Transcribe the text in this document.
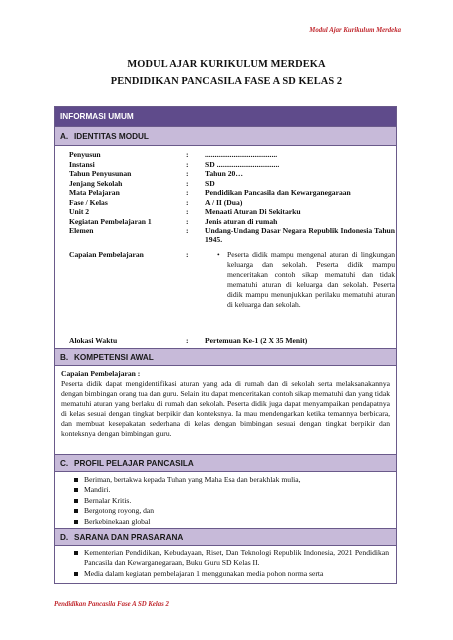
Modul Ajar Kurikulum Merdeka
MODUL AJAR KURIKULUM MERDEKA
PENDIDIKAN PANCASILA FASE A SD KELAS 2
INFORMASI UMUM
A. IDENTITAS MODUL
Penyusun	: ......................................
Instansi	: SD .................................
Tahun Penyusunan	: Tahun 20…
Jenjang Sekolah	: SD
Mata Pelajaran	: Pendidikan Pancasila dan Kewarganegaraan
Fase / Kelas	: A / II (Dua)
Unit 2	: Menaati Aturan Di Sekitarku
Kegiatan Pembelajaran 1	: Jenis aturan di rumah
Elemen	: Undang-Undang Dasar Negara Republik Indonesia Tahun 1945.
Capaian Pembelajaran	:	• Peserta didik mampu mengenal aturan di lingkungan keluarga dan sekolah. Peserta didik mampu menceritakan contoh sikap mematuhi dan tidak mematuhi aturan di keluarga dan sekolah. Peserta didik mampu menunjukkan perilaku mematuhi aturan di keluarga dan sekolah.
Alokasi Waktu	: Pertemuan Ke-1 (2 X 35 Menit)
B. KOMPETENSI AWAL
Capaian Pembelajaran :
Peserta didik dapat mengidentifikasi aturan yang ada di rumah dan di sekolah serta melaksanakannya dengan bimbingan orang tua dan guru. Selain itu dapat menceritakan contoh sikap mematuhi dan yang tidak mematuhi aturan yang berlaku di rumah dan sekolah. Peserta didik juga dapat menyampaikan pendapatnya di kelas sesuai dengan tingkat berpikir dan konteksnya. Ia mau mendengarkan ketika temannya berbicara, dan membuat kesepakatan sederhana di kelas dengan bimbingan sesuai dengan tingkat berpikir dan konteksnya dengan bimbingan guru.
C. PROFIL PELAJAR PANCASILA
Beriman, bertakwa kepada Tuhan yang Maha Esa dan berakhlak mulia,
Mandiri.
Bernalar Kritis.
Bergotong royong, dan
Berkebinekaan global
D. SARANA DAN PRASARANA
Kementerian Pendidikan, Kebudayaan, Riset, Dan Teknologi Republik Indonesia, 2021 Pendidikan Pancasila dan Kewarganegaraan, Buku Guru SD Kelas II.
Media dalam kegiatan pembelajaran 1 menggunakan media pohon norma serta
Pendidikan Pancasila Fase A SD Kelas 2
